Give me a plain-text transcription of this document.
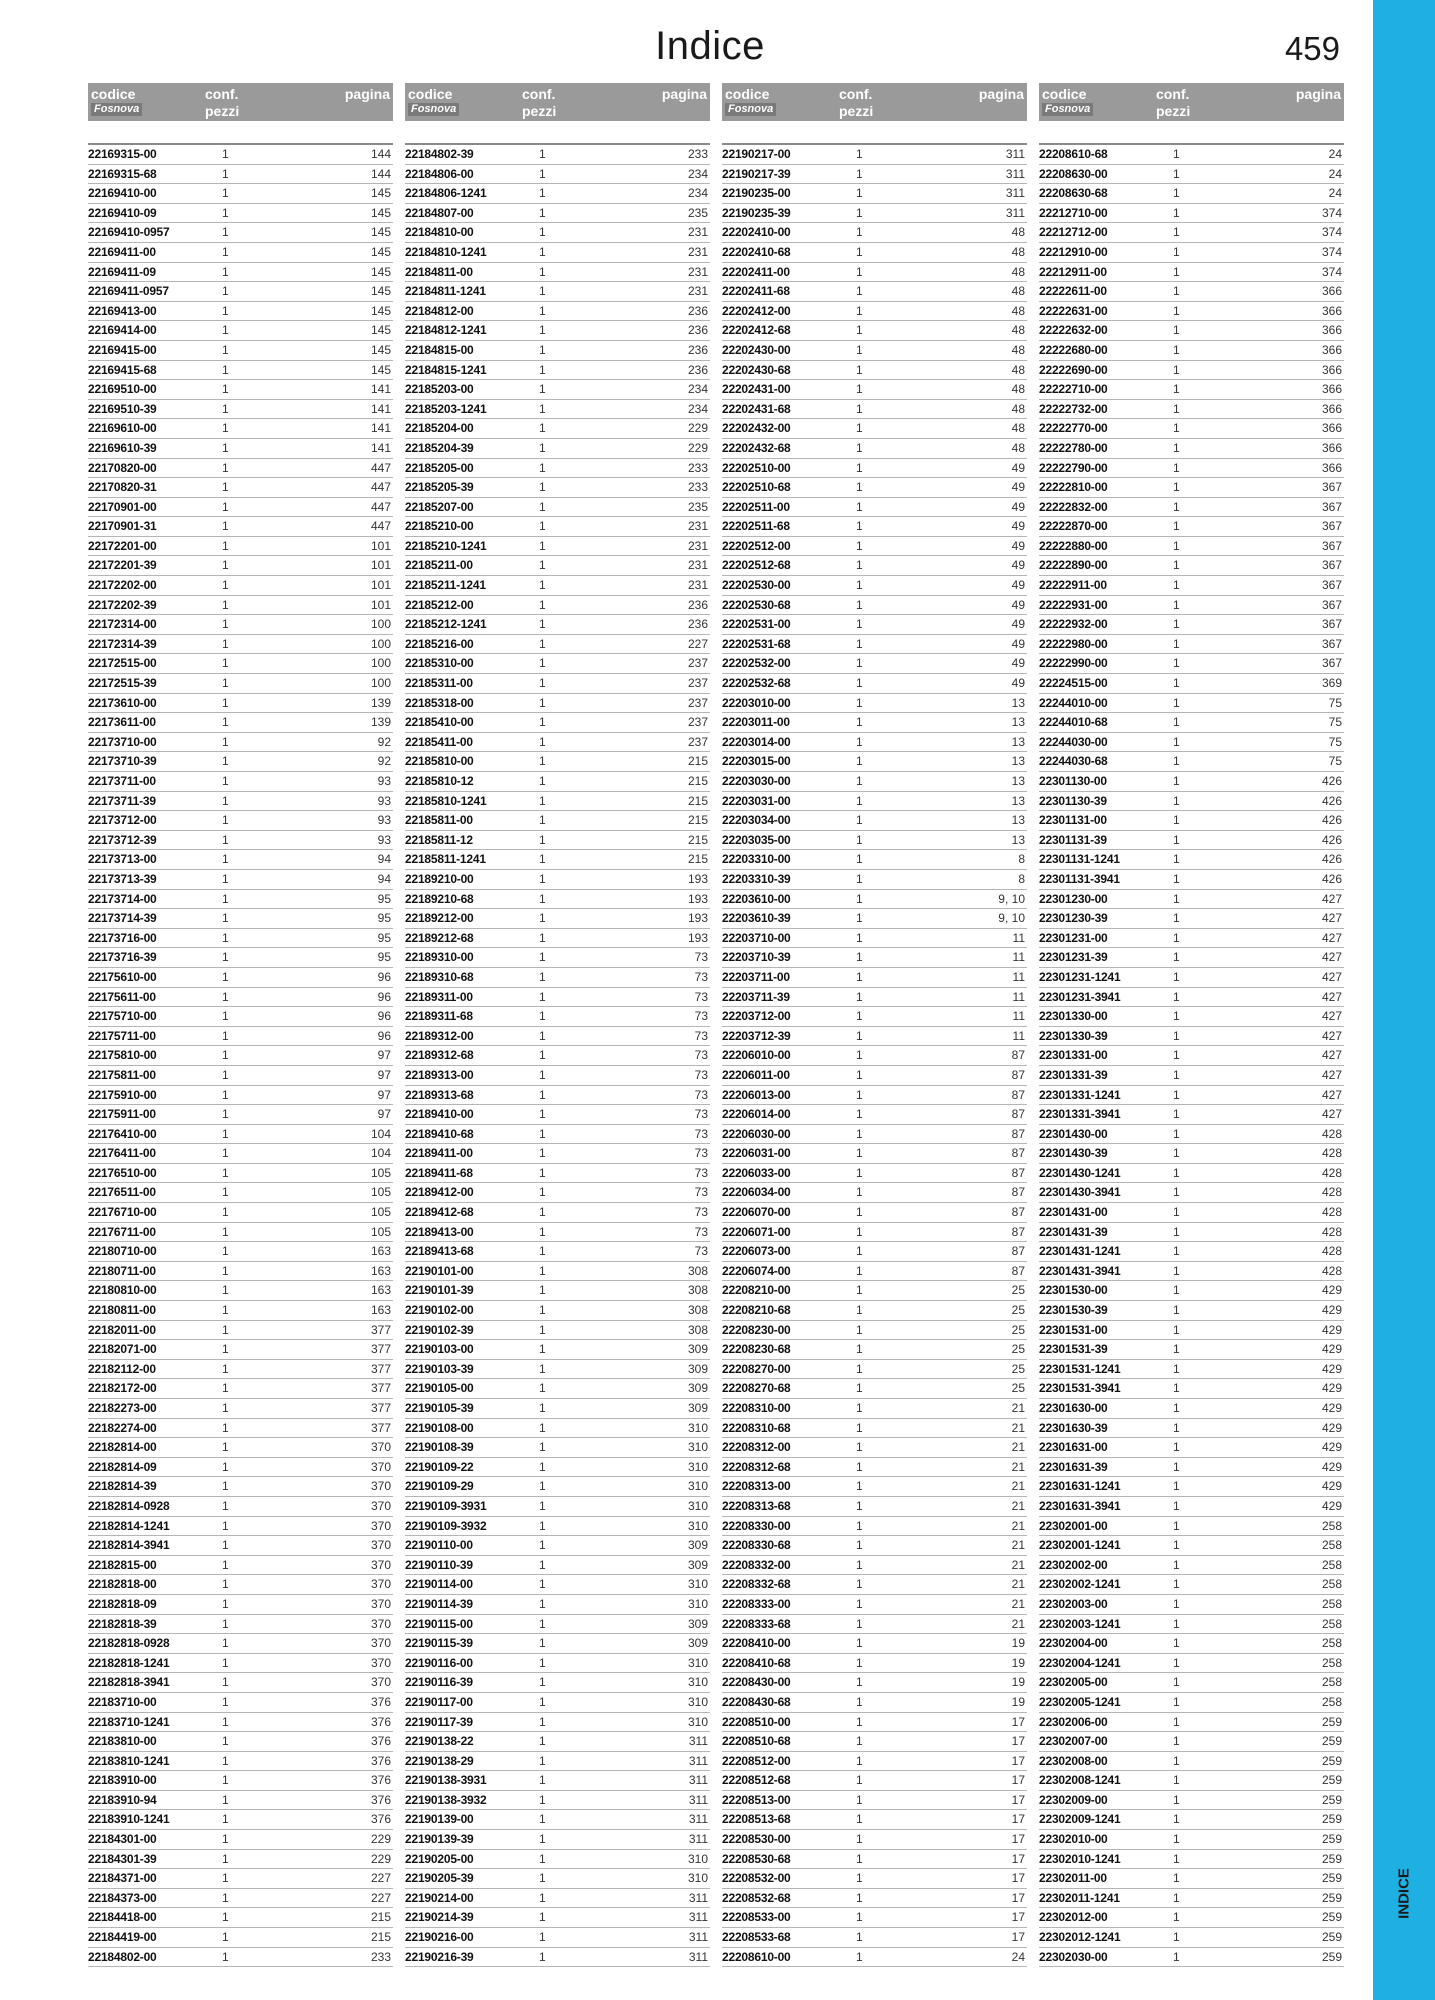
Indice	459
INDICE
codice
Fosnova
conf.
pezzi
pagina
22169315-00	1	144
22169315-68	1	144
22169410-00	1	145
22169410-09	1	145
22169410-0957	1	145
22169411-00	1	145
22169411-09	1	145
22169411-0957	1	145
22169413-00	1	145
22169414-00	1	145
22169415-00	1	145
22169415-68	1	145
22169510-00	1	141
22169510-39	1	141
22169610-00	1	141
22169610-39	1	141
22170820-00	1	447
22170820-31	1	447
22170901-00	1	447
22170901-31	1	447
22172201-00	1	101
22172201-39	1	101
22172202-00	1	101
22172202-39	1	101
22172314-00	1	100
22172314-39	1	100
22172515-00	1	100
22172515-39	1	100
22173610-00	1	139
22173611-00	1	139
22173710-00	1	92
22173710-39	1	92
22173711-00	1	93
22173711-39	1	93
22173712-00	1	93
22173712-39	1	93
22173713-00	1	94
22173713-39	1	94
22173714-00	1	95
22173714-39	1	95
22173716-00	1	95
22173716-39	1	95
22175610-00	1	96
22175611-00	1	96
22175710-00	1	96
22175711-00	1	96
22175810-00	1	97
22175811-00	1	97
22175910-00	1	97
22175911-00	1	97
22176410-00	1	104
22176411-00	1	104
22176510-00	1	105
22176511-00	1	105
22176710-00	1	105
22176711-00	1	105
22180710-00	1	163
22180711-00	1	163
22180810-00	1	163
22180811-00	1	163
22182011-00	1	377
22182071-00	1	377
22182112-00	1	377
22182172-00	1	377
22182273-00	1	377
22182274-00	1	377
22182814-00	1	370
22182814-09	1	370
22182814-39	1	370
22182814-0928	1	370
22182814-1241	1	370
22182814-3941	1	370
22182815-00	1	370
22182818-00	1	370
22182818-09	1	370
22182818-39	1	370
22182818-0928	1	370
22182818-1241	1	370
22182818-3941	1	370
22183710-00	1	376
22183710-1241	1	376
22183810-00	1	376
22183810-1241	1	376
22183910-00	1	376
22183910-94	1	376
22183910-1241	1	376
22184301-00	1	229
22184301-39	1	229
22184371-00	1	227
22184373-00	1	227
22184418-00	1	215
22184419-00	1	215
22184802-00	1	233
codice
Fosnova
conf.
pezzi
pagina
22184802-39	1	233
22184806-00	1	234
22184806-1241	1	234
22184807-00	1	235
22184810-00	1	231
22184810-1241	1	231
22184811-00	1	231
22184811-1241	1	231
22184812-00	1	236
22184812-1241	1	236
22184815-00	1	236
22184815-1241	1	236
22185203-00	1	234
22185203-1241	1	234
22185204-00	1	229
22185204-39	1	229
22185205-00	1	233
22185205-39	1	233
22185207-00	1	235
22185210-00	1	231
22185210-1241	1	231
22185211-00	1	231
22185211-1241	1	231
22185212-00	1	236
22185212-1241	1	236
22185216-00	1	227
22185310-00	1	237
22185311-00	1	237
22185318-00	1	237
22185410-00	1	237
22185411-00	1	237
22185810-00	1	215
22185810-12	1	215
22185810-1241	1	215
22185811-00	1	215
22185811-12	1	215
22185811-1241	1	215
22189210-00	1	193
22189210-68	1	193
22189212-00	1	193
22189212-68	1	193
22189310-00	1	73
22189310-68	1	73
22189311-00	1	73
22189311-68	1	73
22189312-00	1	73
22189312-68	1	73
22189313-00	1	73
22189313-68	1	73
22189410-00	1	73
22189410-68	1	73
22189411-00	1	73
22189411-68	1	73
22189412-00	1	73
22189412-68	1	73
22189413-00	1	73
22189413-68	1	73
22190101-00	1	308
22190101-39	1	308
22190102-00	1	308
22190102-39	1	308
22190103-00	1	309
22190103-39	1	309
22190105-00	1	309
22190105-39	1	309
22190108-00	1	310
22190108-39	1	310
22190109-22	1	310
22190109-29	1	310
22190109-3931	1	310
22190109-3932	1	310
22190110-00	1	309
22190110-39	1	309
22190114-00	1	310
22190114-39	1	310
22190115-00	1	309
22190115-39	1	309
22190116-00	1	310
22190116-39	1	310
22190117-00	1	310
22190117-39	1	310
22190138-22	1	311
22190138-29	1	311
22190138-3931	1	311
22190138-3932	1	311
22190139-00	1	311
22190139-39	1	311
22190205-00	1	310
22190205-39	1	310
22190214-00	1	311
22190214-39	1	311
22190216-00	1	311
22190216-39	1	311
codice
Fosnova
conf.
pezzi
pagina
22190217-00	1	311
22190217-39	1	311
22190235-00	1	311
22190235-39	1	311
22202410-00	1	48
22202410-68	1	48
22202411-00	1	48
22202411-68	1	48
22202412-00	1	48
22202412-68	1	48
22202430-00	1	48
22202430-68	1	48
22202431-00	1	48
22202431-68	1	48
22202432-00	1	48
22202432-68	1	48
22202510-00	1	49
22202510-68	1	49
22202511-00	1	49
22202511-68	1	49
22202512-00	1	49
22202512-68	1	49
22202530-00	1	49
22202530-68	1	49
22202531-00	1	49
22202531-68	1	49
22202532-00	1	49
22202532-68	1	49
22203010-00	1	13
22203011-00	1	13
22203014-00	1	13
22203015-00	1	13
22203030-00	1	13
22203031-00	1	13
22203034-00	1	13
22203035-00	1	13
22203310-00	1	8
22203310-39	1	8
22203610-00	1	9, 10
22203610-39	1	9, 10
22203710-00	1	11
22203710-39	1	11
22203711-00	1	11
22203711-39	1	11
22203712-00	1	11
22203712-39	1	11
22206010-00	1	87
22206011-00	1	87
22206013-00	1	87
22206014-00	1	87
22206030-00	1	87
22206031-00	1	87
22206033-00	1	87
22206034-00	1	87
22206070-00	1	87
22206071-00	1	87
22206073-00	1	87
22206074-00	1	87
22208210-00	1	25
22208210-68	1	25
22208230-00	1	25
22208230-68	1	25
22208270-00	1	25
22208270-68	1	25
22208310-00	1	21
22208310-68	1	21
22208312-00	1	21
22208312-68	1	21
22208313-00	1	21
22208313-68	1	21
22208330-00	1	21
22208330-68	1	21
22208332-00	1	21
22208332-68	1	21
22208333-00	1	21
22208333-68	1	21
22208410-00	1	19
22208410-68	1	19
22208430-00	1	19
22208430-68	1	19
22208510-00	1	17
22208510-68	1	17
22208512-00	1	17
22208512-68	1	17
22208513-00	1	17
22208513-68	1	17
22208530-00	1	17
22208530-68	1	17
22208532-00	1	17
22208532-68	1	17
22208533-00	1	17
22208533-68	1	17
22208610-00	1	24
codice
Fosnova
conf.
pezzi
pagina
22208610-68	1	24
22208630-00	1	24
22208630-68	1	24
22212710-00	1	374
22212712-00	1	374
22212910-00	1	374
22212911-00	1	374
22222611-00	1	366
22222631-00	1	366
22222632-00	1	366
22222680-00	1	366
22222690-00	1	366
22222710-00	1	366
22222732-00	1	366
22222770-00	1	366
22222780-00	1	366
22222790-00	1	366
22222810-00	1	367
22222832-00	1	367
22222870-00	1	367
22222880-00	1	367
22222890-00	1	367
22222911-00	1	367
22222931-00	1	367
22222932-00	1	367
22222980-00	1	367
22222990-00	1	367
22224515-00	1	369
22244010-00	1	75
22244010-68	1	75
22244030-00	1	75
22244030-68	1	75
22301130-00	1	426
22301130-39	1	426
22301131-00	1	426
22301131-39	1	426
22301131-1241	1	426
22301131-3941	1	426
22301230-00	1	427
22301230-39	1	427
22301231-00	1	427
22301231-39	1	427
22301231-1241	1	427
22301231-3941	1	427
22301330-00	1	427
22301330-39	1	427
22301331-00	1	427
22301331-39	1	427
22301331-1241	1	427
22301331-3941	1	427
22301430-00	1	428
22301430-39	1	428
22301430-1241	1	428
22301430-3941	1	428
22301431-00	1	428
22301431-39	1	428
22301431-1241	1	428
22301431-3941	1	428
22301530-00	1	429
22301530-39	1	429
22301531-00	1	429
22301531-39	1	429
22301531-1241	1	429
22301531-3941	1	429
22301630-00	1	429
22301630-39	1	429
22301631-00	1	429
22301631-39	1	429
22301631-1241	1	429
22301631-3941	1	429
22302001-00	1	258
22302001-1241	1	258
22302002-00	1	258
22302002-1241	1	258
22302003-00	1	258
22302003-1241	1	258
22302004-00	1	258
22302004-1241	1	258
22302005-00	1	258
22302005-1241	1	258
22302006-00	1	259
22302007-00	1	259
22302008-00	1	259
22302008-1241	1	259
22302009-00	1	259
22302009-1241	1	259
22302010-00	1	259
22302010-1241	1	259
22302011-00	1	259
22302011-1241	1	259
22302012-00	1	259
22302012-1241	1	259
22302030-00	1	259
